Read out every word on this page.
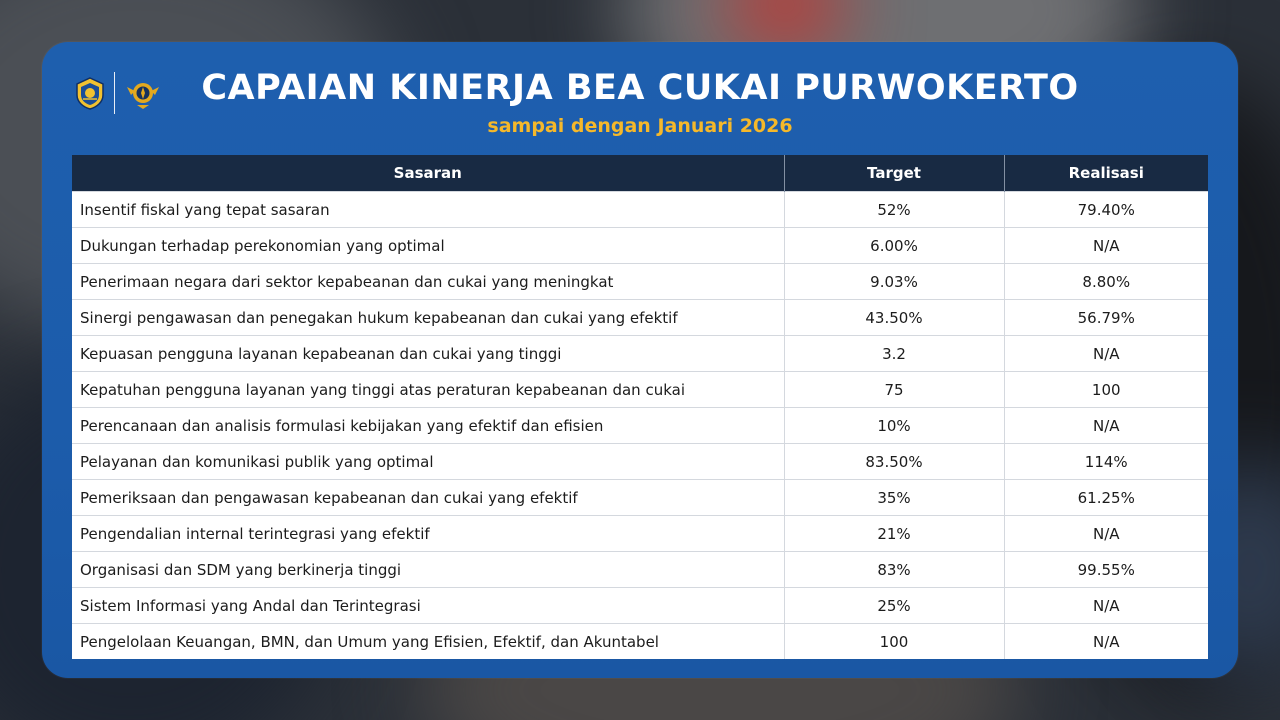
CAPAIAN KINERJA BEA CUKAI PURWOKERTO
sampai dengan Januari 2026
Sasaran	Target	Realisasi
Insentif fiskal yang tepat sasaran	52%	79.40%
Dukungan terhadap perekonomian yang optimal	6.00%	N/A
Penerimaan negara dari sektor kepabeanan dan cukai yang meningkat	9.03%	8.80%
Sinergi pengawasan dan penegakan hukum kepabeanan dan cukai yang efektif	43.50%	56.79%
Kepuasan pengguna layanan kepabeanan dan cukai yang tinggi	3.2	N/A
Kepatuhan pengguna layanan yang tinggi atas peraturan kepabeanan dan cukai	75	100
Perencanaan dan analisis formulasi kebijakan yang efektif dan efisien	10%	N/A
Pelayanan dan komunikasi publik yang optimal	83.50%	114%
Pemeriksaan dan pengawasan kepabeanan dan cukai yang efektif	35%	61.25%
Pengendalian internal terintegrasi yang efektif	21%	N/A
Organisasi dan SDM yang berkinerja tinggi	83%	99.55%
Sistem Informasi yang Andal dan Terintegrasi	25%	N/A
Pengelolaan Keuangan, BMN, dan Umum yang Efisien, Efektif, dan Akuntabel	100	N/A
